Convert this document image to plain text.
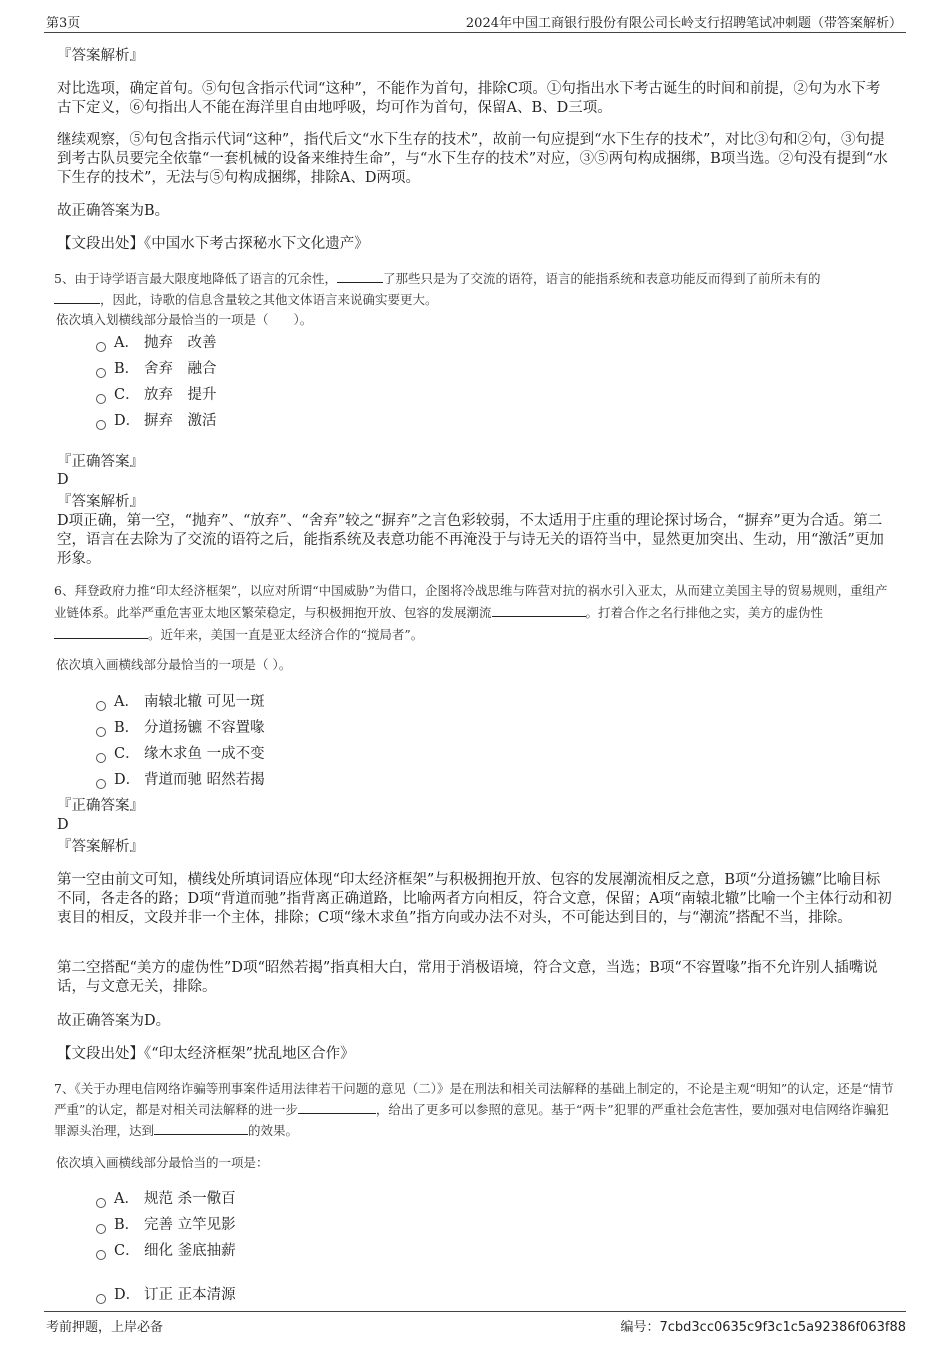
第3页	2024年中国工商银行股份有限公司长岭支行招聘笔试冲刺题（带答案解析）
『答案解析』
对比选项，确定首句。⑤句包含指示代词“这种”，不能作为首句，排除C项。①句指出水下考古诞生的时间和前提，②句为水下考古下定义，⑥句指出人不能在海洋里自由地呼吸，均可作为首句，保留A、B、D三项。
继续观察，⑤句包含指示代词“这种”，指代后文“水下生存的技术”，故前一句应提到“水下生存的技术”，对比③句和②句，③句提到考古队员要完全依靠“一套机械的设备来维持生命”，与“水下生存的技术”对应，③⑤两句构成捆绑，B项当选。②句没有提到“水下生存的技术”，无法与⑤句构成捆绑，排除A、D两项。
故正确答案为B。
【文段出处】《中国水下考古探秘水下文化遗产》
5、由于诗学语言最大限度地降低了语言的冗余性，	了那些只是为了交流的语符，语言的能指系统和表意功能反而得到了前所未有的
，因此，诗歌的信息含量较之其他文体语言来说确实要更大。
依次填入划横线部分最恰当的一项是（　　）。
A． 抛弃　改善
B． 舍弃　融合
C． 放弃　提升
D． 摒弃　激活
『正确答案』
D
『答案解析』
D项正确，第一空，“抛弃”、“放弃”、“舍弃”较之“摒弃”之言色彩较弱，不太适用于庄重的理论探讨场合，“摒弃”更为合适。第二空，语言在去除为了交流的语符之后，能指系统及表意功能不再淹没于与诗无关的语符当中，显然更加突出、生动，用“激活”更加形象。
6、拜登政府力推“印太经济框架”，以应对所谓“中国威胁”为借口，企图将冷战思维与阵营对抗的祸水引入亚太，从而建立美国主导的贸易规则，重组产业链体系。此举严重危害亚太地区繁荣稳定，与积极拥抱开放、包容的发展潮流	。打着合作之名行排他之实，美方的虚伪性。近年来，美国一直是亚太经济合作的“搅局者”。
依次填入画横线部分最恰当的一项是（ ）。
A． 南辕北辙 可见一斑
B． 分道扬镳 不容置喙
C． 缘木求鱼 一成不变
D． 背道而驰 昭然若揭
『正确答案』
D
『答案解析』
第一空由前文可知，横线处所填词语应体现“印太经济框架”与积极拥抱开放、包容的发展潮流相反之意，B项“分道扬镳”比喻目标不同，各走各的路；D项“背道而驰”指背离正确道路，比喻两者方向相反，符合文意，保留；A项“南辕北辙”比喻一个主体行动和初衷目的相反，文段并非一个主体，排除；C项“缘木求鱼”指方向或办法不对头，不可能达到目的，与“潮流”搭配不当，排除。
第二空搭配“美方的虚伪性”D项“昭然若揭”指真相大白，常用于消极语境，符合文意，当选；B项“不容置喙”指不允许别人插嘴说话，与文意无关，排除。
故正确答案为D。
【文段出处】《“印太经济框架”扰乱地区合作》
7、《关于办理电信网络诈骗等刑事案件适用法律若干问题的意见（二）》是在刑法和相关司法解释的基础上制定的，不论是主观“明知”的认定，还是“情节严重”的认定，都是对相关司法解释的进一步	，给出了更多可以参照的意见。基于“两卡”犯罪的严重社会危害性，要加强对电信网络诈骗犯罪源头治理，达到	的效果。
依次填入画横线部分最恰当的一项是：
A． 规范 杀一儆百
B． 完善 立竿见影
C． 细化 釜底抽薪
D． 订正 正本清源
考前押题，上岸必备	编号：7cbd3cc0635c9f3c1c5a92386f063f88
